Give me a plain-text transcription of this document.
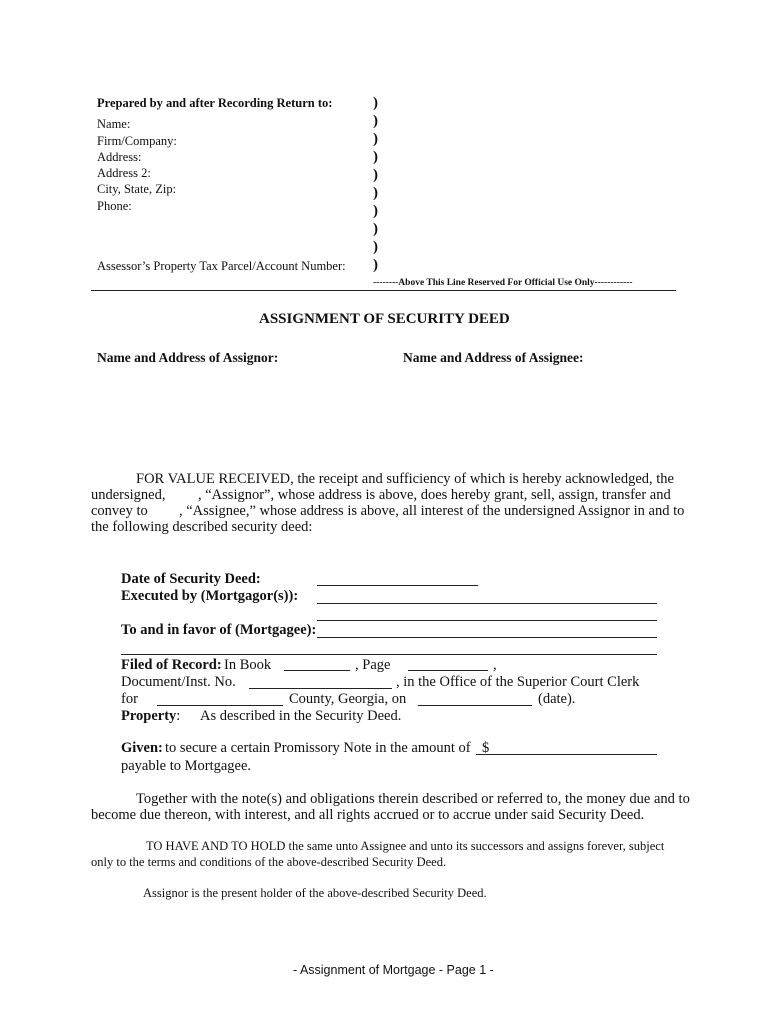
Prepared by and after Recording Return to:
Name:
Firm/Company:
Address:
Address 2:
City, State, Zip:
Phone:
Assessor’s Property Tax Parcel/Account Number:
)
)
)
)
)
)
)
)
)
)
--------Above This Line Reserved For Official Use Only------------
ASSIGNMENT OF SECURITY DEED
Name and Address of Assignor:	Name and Address of Assignee:
FOR VALUE RECEIVED, the receipt and sufficiency of which is hereby acknowledged, the
undersigned, , “Assignor”, whose address is above, does hereby grant, sell, assign, transfer and
convey to , “Assignee,” whose address is above, all interest of the undersigned Assignor in and to
the following described security deed:
Date of Security Deed:
Executed by (Mortgagor(s)):
To and in favor of (Mortgagee):
Filed of Record: In Book	, Page	,
Document/Inst. No.	, in the Office of the Superior Court Clerk
for	County, Georgia, on	(date).
Property: As described in the Security Deed.
Given: to secure a certain Promissory Note in the amount of $
payable to Mortgagee.
Together with the note(s) and obligations therein described or referred to, the money due and to
become due thereon, with interest, and all rights accrued or to accrue under said Security Deed.
TO HAVE AND TO HOLD the same unto Assignee and unto its successors and assigns forever, subject
only to the terms and conditions of the above-described Security Deed.
Assignor is the present holder of the above-described Security Deed.
- Assignment of Mortgage - Page 1 -
